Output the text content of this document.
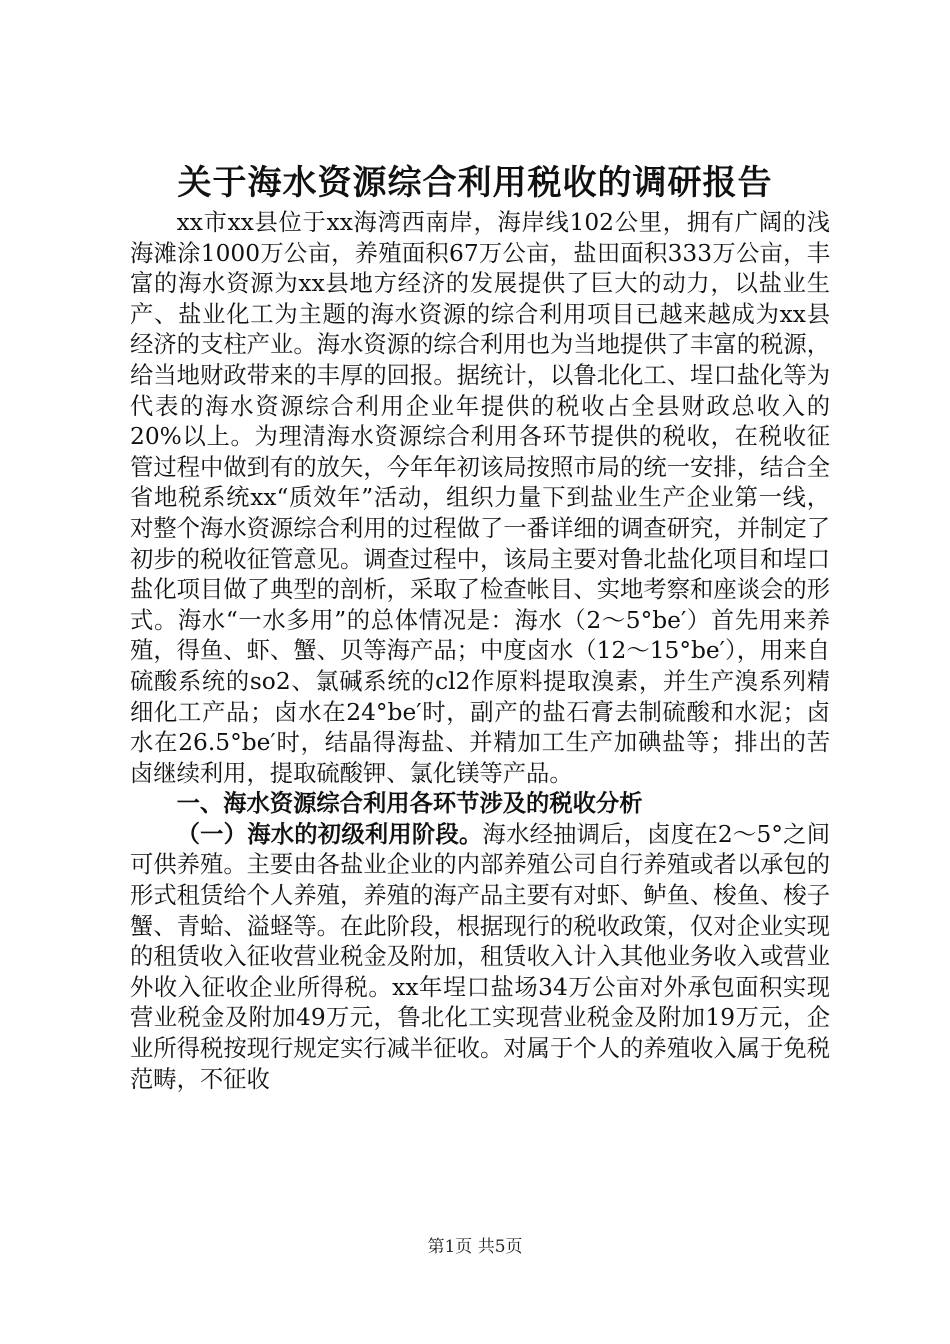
关于海水资源综合利用税收的调研报告

xx市xx县位于xx海湾西南岸，海岸线102公里，拥有广阔的浅海滩涂1000万公亩，养殖面积67万公亩，盐田面积333万公亩，丰富的海水资源为xx县地方经济的发展提供了巨大的动力，以盐业生产、盐业化工为主题的海水资源的综合利用项目已越来越成为xx县经济的支柱产业。海水资源的综合利用也为当地提供了丰富的税源，给当地财政带来的丰厚的回报。据统计，以鲁北化工、埕口盐化等为代表的海水资源综合利用企业年提供的税收占全县财政总收入的20%以上。为理清海水资源综合利用各环节提供的税收，在税收征管过程中做到有的放矢，今年年初该局按照市局的统一安排，结合全省地税系统xx“质效年”活动，组织力量下到盐业生产企业第一线，对整个海水资源综合利用的过程做了一番详细的调查研究，并制定了初步的税收征管意见。调查过程中，该局主要对鲁北盐化项目和埕口盐化项目做了典型的剖析，采取了检查帐目、实地考察和座谈会的形式。海水“一水多用”的总体情况是：海水（2～5°be′）首先用来养殖，得鱼、虾、蟹、贝等海产品；中度卤水（12～15°be′），用来自硫酸系统的so2、氯碱系统的cl2作原料提取溴素，并生产溴系列精细化工产品；卤水在24°be′时，副产的盐石膏去制硫酸和水泥；卤水在26.5°be′时，结晶得海盐、并精加工生产加碘盐等；排出的苦卤继续利用，提取硫酸钾、氯化镁等产品。

一、海水资源综合利用各环节涉及的税收分析

（一）海水的初级利用阶段。海水经抽调后，卤度在2～5°之间可供养殖。主要由各盐业企业的内部养殖公司自行养殖或者以承包的形式租赁给个人养殖，养殖的海产品主要有对虾、鲈鱼、梭鱼、梭子蟹、青蛤、溢蛏等。在此阶段，根据现行的税收政策，仅对企业实现的租赁收入征收营业税金及附加，租赁收入计入其他业务收入或营业外收入征收企业所得税。xx年埕口盐场34万公亩对外承包面积实现营业税金及附加49万元，鲁北化工实现营业税金及附加19万元，企业所得税按现行规定实行减半征收。对属于个人的养殖收入属于免税范畴，不征收

第1页 共5页
